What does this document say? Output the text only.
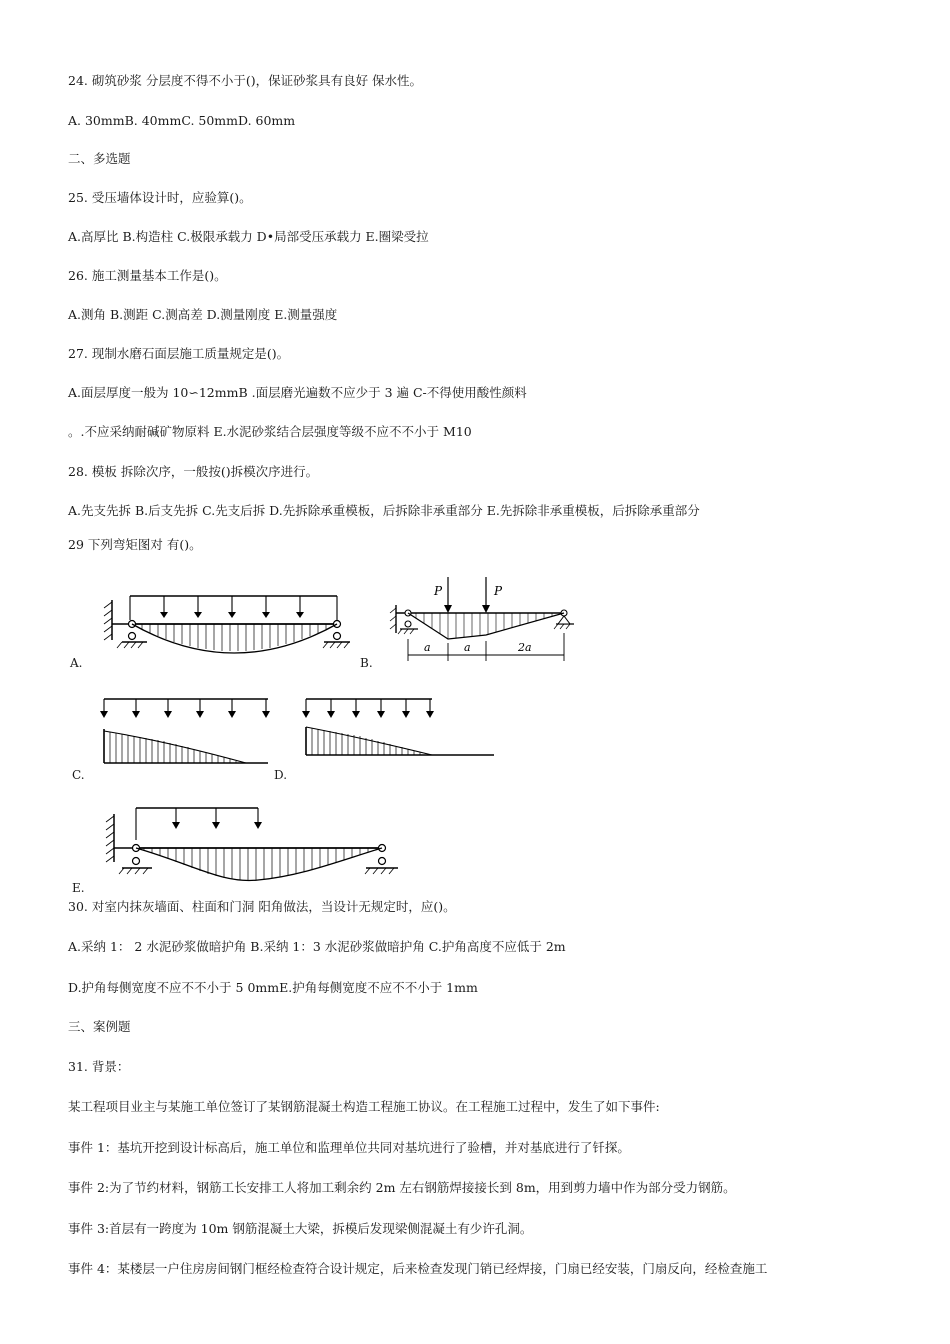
24. 砌筑砂浆 分层度不得不小于()，保证砂浆具有良好 保水性。
A. 30mmB. 40mmC. 50mmD. 60mm
二、多选题
25. 受压墙体设计时，应验算()。
A.高厚比 B.构造柱 C.极限承载力 D•局部受压承载力 E.圈梁受拉
26. 施工测量基本工作是()。
A.测角 B.测距 C.测高差 D.测量刚度 E.测量强度
27. 现制水磨石面层施工质量规定是()。
A.面层厚度一般为 10∽12mmB .面层磨光遍数不应少于 3 遍 C-不得使用酸性颜料
。.不应采纳耐碱矿物原料 E.水泥砂浆结合层强度等级不应不不小于 M10
28. 模板 拆除次序，一般按()拆模次序进行。
A.先支先拆 B.后支先拆 C.先支后拆 D.先拆除承重模板，后拆除非承重部分 E.先拆除非承重模板，后拆除承重部分
29 下列弯矩图对 有()。
A.
P	P
a	a	2a
B.
C.	D.
E.
30. 对室内抹灰墙面、柱面和门洞 阳角做法，当设计无规定时，应()。
A.采纳 1： 2 水泥砂浆做暗护角 B.采纳 1：3 水泥砂浆做暗护角 C.护角高度不应低于 2m
D.护角每侧宽度不应不不小于 5 0mmE.护角每侧宽度不应不不小于 1mm
三、案例题
31. 背景：
某工程项目业主与某施工单位签订了某钢筋混凝土构造工程施工协议。在工程施工过程中，发生了如下事件:
事件 1：基坑开挖到设计标高后，施工单位和监理单位共同对基坑进行了验槽，并对基底进行了钎探。
事件 2:为了节约材料，钢筋工长安排工人将加工剩余约 2m 左右钢筋焊接接长到 8m，用到剪力墙中作为部分受力钢筋。
事件 3:首层有一跨度为 10m 钢筋混凝土大梁，拆模后发现梁侧混凝土有少许孔洞。
事件 4：某楼层一户住房房间钢门框经检查符合设计规定，后来检查发现门销已经焊接，门扇已经安装，门扇反向，经检查施工
